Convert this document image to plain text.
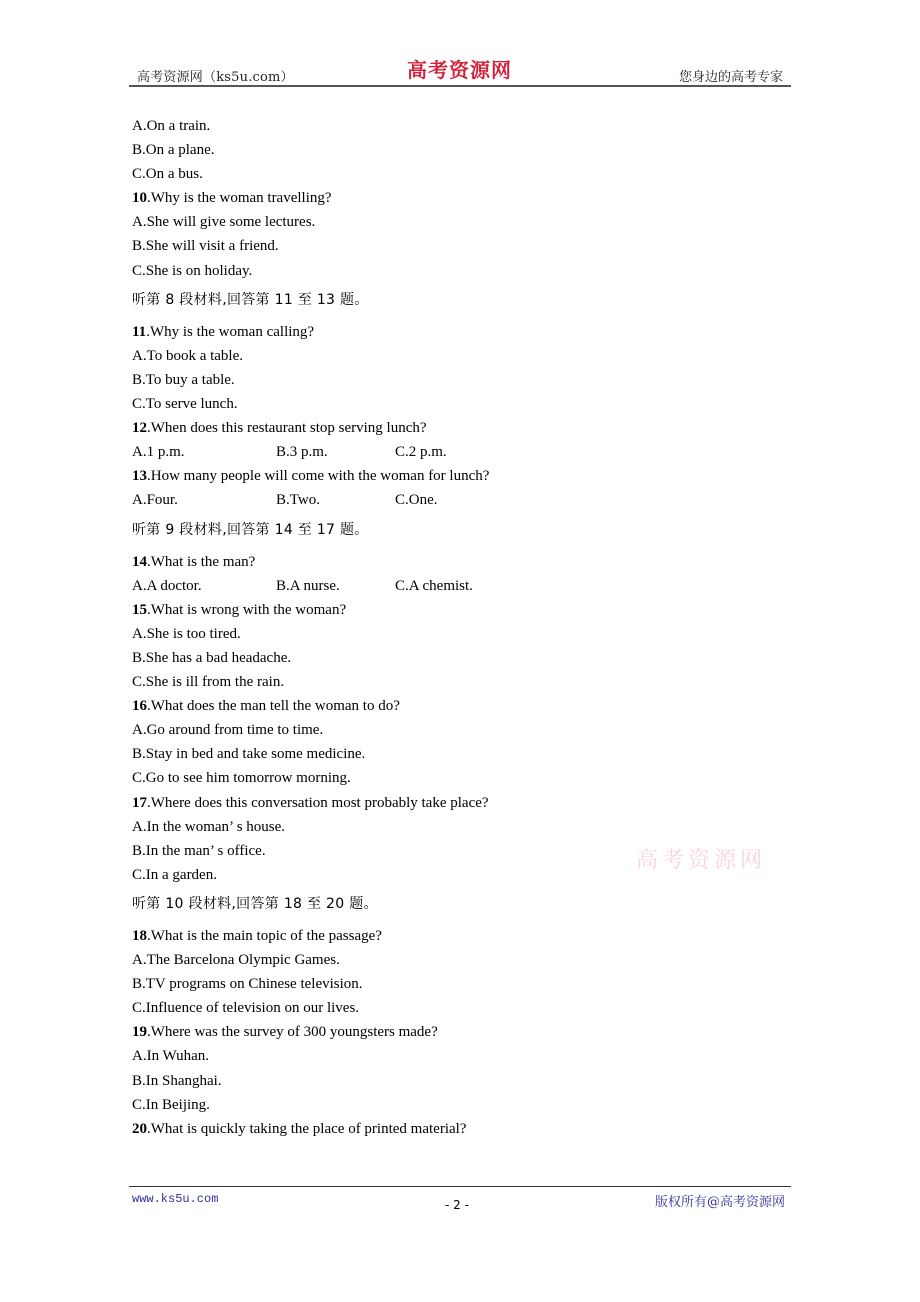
高考资源网（ks5u.com）	高考资源网	您身边的高考专家
A.On a train.
B.On a plane.
C.On a bus.
10.Why is the woman travelling?
A.She will give some lectures.
B.She will visit a friend.
C.She is on holiday.
听第 8 段材料,回答第 11 至 13 题。
11.Why is the woman calling?
A.To book a table.
B.To buy a table.
C.To serve lunch.
12.When does this restaurant stop serving lunch?
A.1 p.m.	B.3 p.m.	C.2 p.m.
13.How many people will come with the woman for lunch?
A.Four.	B.Two.	C.One.
听第 9 段材料,回答第 14 至 17 题。
14.What is the man?
A.A doctor.	B.A nurse.	C.A chemist.
15.What is wrong with the woman?
A.She is too tired.
B.She has a bad headache.
C.She is ill from the rain.
16.What does the man tell the woman to do?
A.Go around from time to time.
B.Stay in bed and take some medicine.
C.Go to see him tomorrow morning.
17.Where does this conversation most probably take place?
A.In the woman’ s house.
B.In the man’ s office.
C.In a garden.
听第 10 段材料,回答第 18 至 20 题。
18.What is the main topic of the passage?
A.The Barcelona Olympic Games.
B.TV programs on Chinese television.
C.Influence of television on our lives.
19.Where was the survey of 300 youngsters made?
A.In Wuhan.
B.In Shanghai.
C.In Beijing.
20.What is quickly taking the place of printed material?
高考资源网
www.ks5u.com	- 2 -	版权所有@高考资源网
